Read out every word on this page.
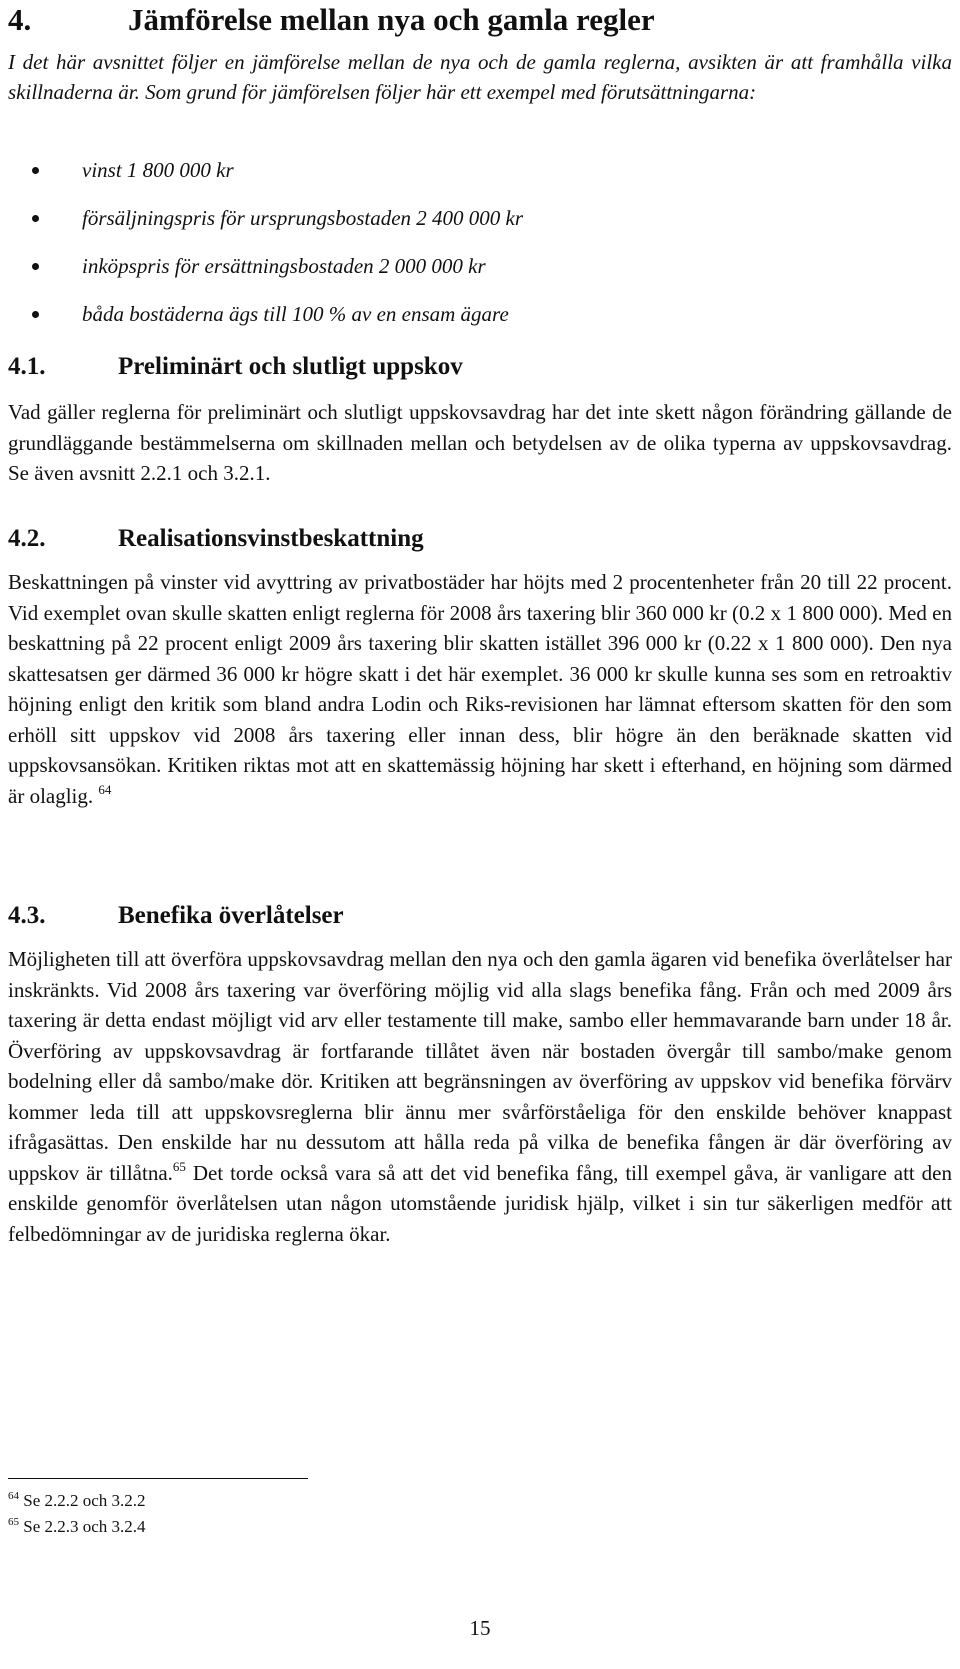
4.	Jämförelse mellan nya och gamla regler

I det här avsnittet följer en jämförelse mellan de nya och de gamla reglerna, avsikten är att framhålla vilka skillnaderna är. Som grund för jämförelsen följer här ett exempel med förutsättningarna:

vinst 1 800 000 kr
försäljningspris för ursprungsbostaden 2 400 000 kr
inköpspris för ersättningsbostaden 2 000 000 kr
båda bostäderna ägs till 100 % av en ensam ägare
4.1.	Preliminärt och slutligt uppskov

Vad gäller reglerna för preliminärt och slutligt uppskovsavdrag har det inte skett någon förändring gällande de grundläggande bestämmelserna om skillnaden mellan och betydelsen av de olika typerna av uppskovsavdrag. Se även avsnitt 2.2.1 och 3.2.1.

4.2.	Realisationsvinstbeskattning

Beskattningen på vinster vid avyttring av privatbostäder har höjts med 2 procentenheter från 20 till 22 procent. Vid exemplet ovan skulle skatten enligt reglerna för 2008 års taxering blir 360 000 kr (0.2 x 1 800 000). Med en beskattning på 22 procent enligt 2009 års taxering blir skatten istället 396 000 kr (0.22 x 1 800 000). Den nya skattesatsen ger därmed 36 000 kr högre skatt i det här exemplet. 36 000 kr skulle kunna ses som en retroaktiv höjning enligt den kritik som bland andra Lodin och Riks-revisionen har lämnat eftersom skatten för den som erhöll sitt uppskov vid 2008 års taxering eller innan dess, blir högre än den beräknade skatten vid uppskovsansökan. Kritiken riktas mot att en skattemässig höjning har skett i efterhand, en höjning som därmed är olaglig. $^{64}$

4.3.	Benefika överlåtelser

Möjligheten till att överföra uppskovsavdrag mellan den nya och den gamla ägaren vid benefika överlåtelser har inskränkts. Vid 2008 års taxering var överföring möjlig vid alla slags benefika fång. Från och med 2009 års taxering är detta endast möjligt vid arv eller testamente till make, sambo eller hemmavarande barn under 18 år. Överföring av uppskovsavdrag är fortfarande tillåtet även när bostaden övergår till sambo/make genom bodelning eller då sambo/make dör. Kritiken att begränsningen av överföring av uppskov vid benefika förvärv kommer leda till att uppskovsreglerna blir ännu mer svårförståeliga för den enskilde behöver knappast ifrågasättas. Den enskilde har nu dessutom att hålla reda på vilka de benefika fången är där överföring av uppskov är tillåtna.$^{65}$ Det torde också vara så att det vid benefika fång, till exempel gåva, är vanligare att den enskilde genomför överlåtelsen utan någon utomstående juridisk hjälp, vilket i sin tur säkerligen medför att felbedömningar av de juridiska reglerna ökar.

$^{64}$ Se 2.2.2 och 3.2.2
$^{65}$ Se 2.2.3 och 3.2.4
15
